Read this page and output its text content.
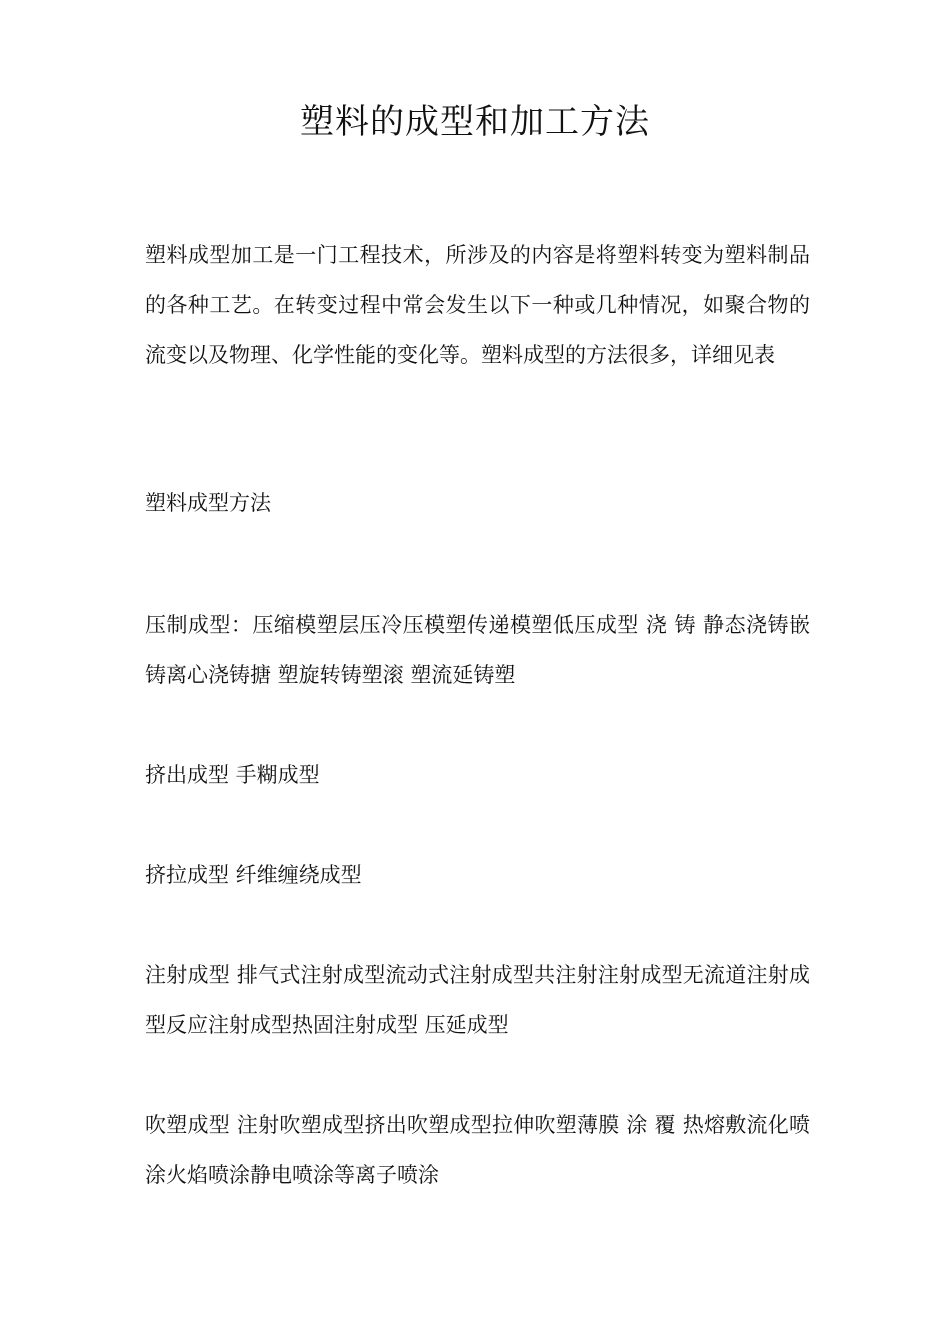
塑料的成型和加工方法

塑料成型加工是一门工程技术，所涉及的内容是将塑料转变为塑料制品的各种工艺。在转变过程中常会发生以下一种或几种情况，如聚合物的流变以及物理、化学性能的变化等。塑料成型的方法很多，详细见表

塑料成型方法

压制成型：压缩模塑层压冷压模塑传递模塑低压成型 浇 铸 静态浇铸嵌 铸离心浇铸搪 塑旋转铸塑滚 塑流延铸塑

挤出成型 手糊成型

挤拉成型 纤维缠绕成型

注射成型 排气式注射成型流动式注射成型共注射注射成型无流道注射成型反应注射成型热固注射成型 压延成型

吹塑成型 注射吹塑成型挤出吹塑成型拉伸吹塑薄膜 涂 覆 热熔敷流化喷涂火焰喷涂静电喷涂等离子喷涂
